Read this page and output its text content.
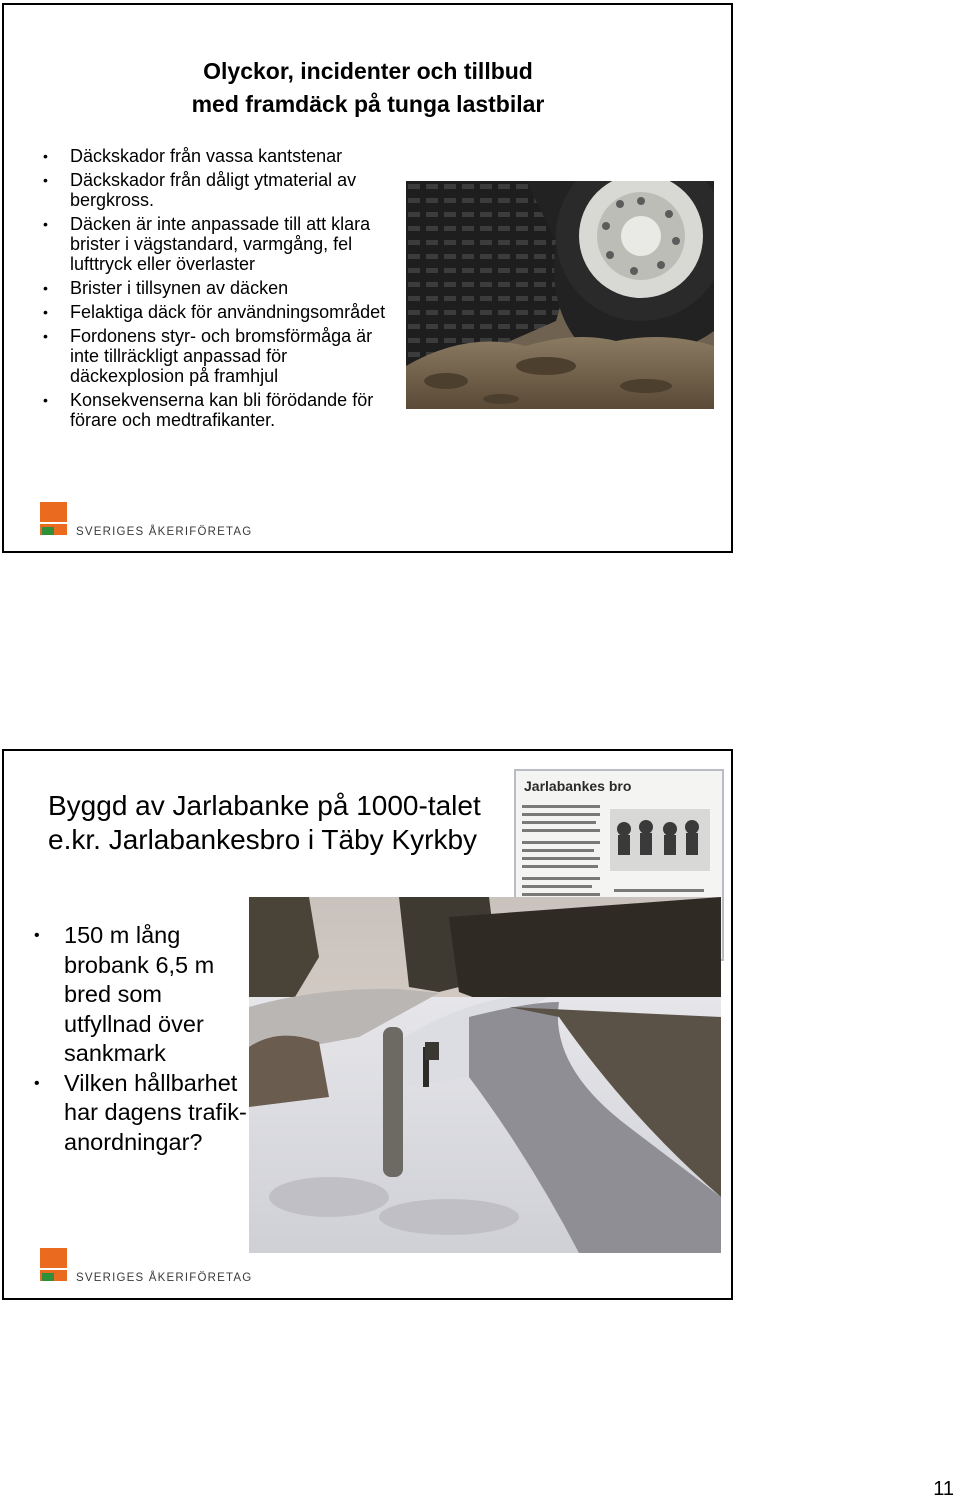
Olyckor, incidenter och tillbud
med framdäck på tunga lastbilar
• Däckskador från vassa kantstenar
• Däckskador från dåligt ytmaterial av bergkross.
• Däcken är inte anpassade till att klara brister i vägstandard, varmgång, fel lufttryck eller överlaster
• Brister i tillsynen av däcken
• Felaktiga däck för användningsområdet
• Fordonens styr- och bromsförmåga är inte tillräckligt anpassad för däckexplosion på framhjul
• Konsekvenserna kan bli förödande för förare och medtrafikanter.
SVERIGES ÅKERIFÖRETAG
Byggd av Jarlabanke på 1000-talet
e.kr. Jarlabankesbro i Täby Kyrkby
Jarlabankes bro
• 150 m lång brobank 6,5 m bred som utfyllnad över sankmark
• Vilken hållbarhet har dagens trafik-anordningar?
SVERIGES ÅKERIFÖRETAG
11
